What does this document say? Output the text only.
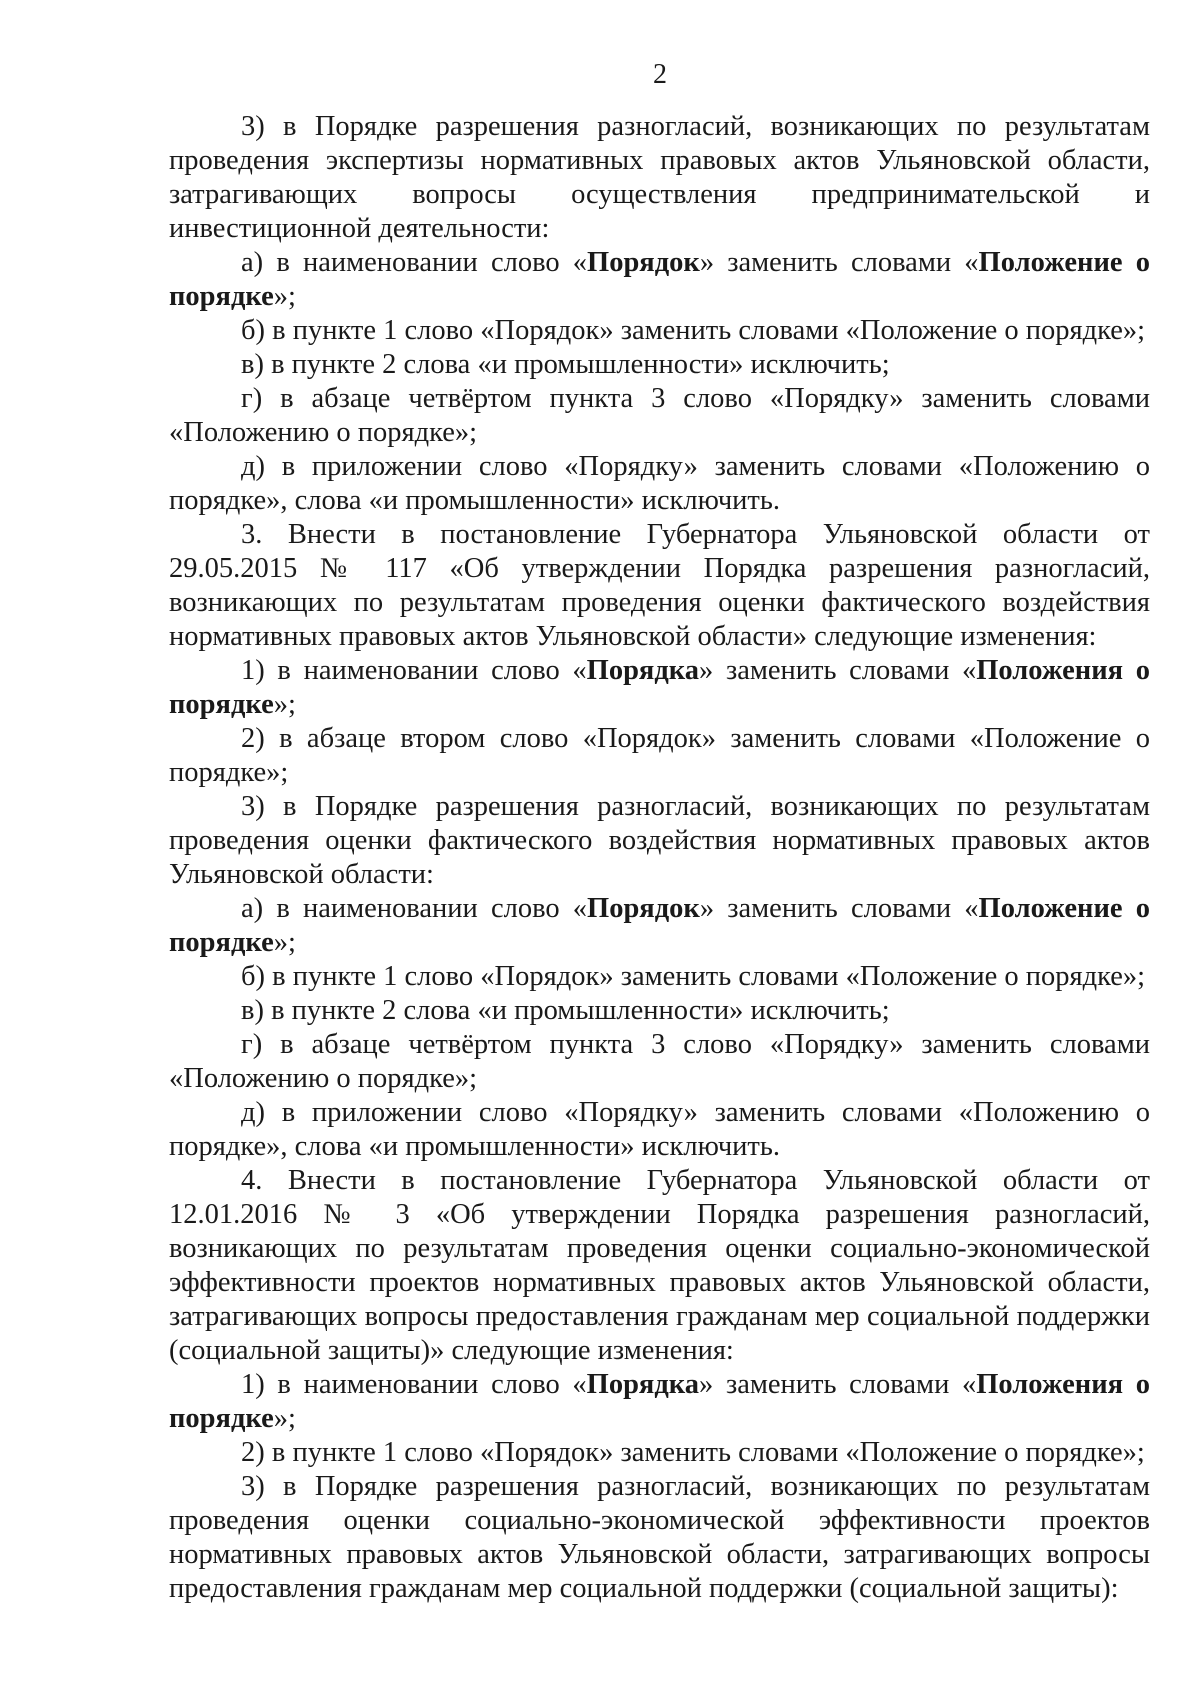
2

3) в Порядке разрешения разногласий, возникающих по результатам проведения экспертизы нормативных правовых актов Ульяновской области, затрагивающих вопросы осуществления предпринимательской и инвестиционной деятельности:

а) в наименовании слово «Порядок» заменить словами «Положение о порядке»;

б) в пункте 1 слово «Порядок» заменить словами «Положение о порядке»;

в) в пункте 2 слова «и промышленности» исключить;

г) в абзаце четвёртом пункта 3 слово «Порядку» заменить словами «Положению о порядке»;

д) в приложении слово «Порядку» заменить словами «Положению о порядке», слова «и промышленности» исключить.

3. Внести в постановление Губернатора Ульяновской области от 29.05.2015 № 117 «Об утверждении Порядка разрешения разногласий, возникающих по результатам проведения оценки фактического воздействия нормативных правовых актов Ульяновской области» следующие изменения:

1) в наименовании слово «Порядка» заменить словами «Положения о порядке»;

2) в абзаце втором слово «Порядок» заменить словами «Положение о порядке»;

3) в Порядке разрешения разногласий, возникающих по результатам проведения оценки фактического воздействия нормативных правовых актов Ульяновской области:

а) в наименовании слово «Порядок» заменить словами «Положение о порядке»;

б) в пункте 1 слово «Порядок» заменить словами «Положение о порядке»;

в) в пункте 2 слова «и промышленности» исключить;

г) в абзаце четвёртом пункта 3 слово «Порядку» заменить словами «Положению о порядке»;

д) в приложении слово «Порядку» заменить словами «Положению о порядке», слова «и промышленности» исключить.

4. Внести в постановление Губернатора Ульяновской области от 12.01.2016 № 3 «Об утверждении Порядка разрешения разногласий, возникающих по результатам проведения оценки социально-экономической эффективности проектов нормативных правовых актов Ульяновской области, затрагивающих вопросы предоставления гражданам мер социальной поддержки (социальной защиты)» следующие изменения:

1) в наименовании слово «Порядка» заменить словами «Положения о порядке»;

2) в пункте 1 слово «Порядок» заменить словами «Положение о порядке»;

3) в Порядке разрешения разногласий, возникающих по результатам проведения оценки социально-экономической эффективности проектов нормативных правовых актов Ульяновской области, затрагивающих вопросы предоставления гражданам мер социальной поддержки (социальной защиты):
